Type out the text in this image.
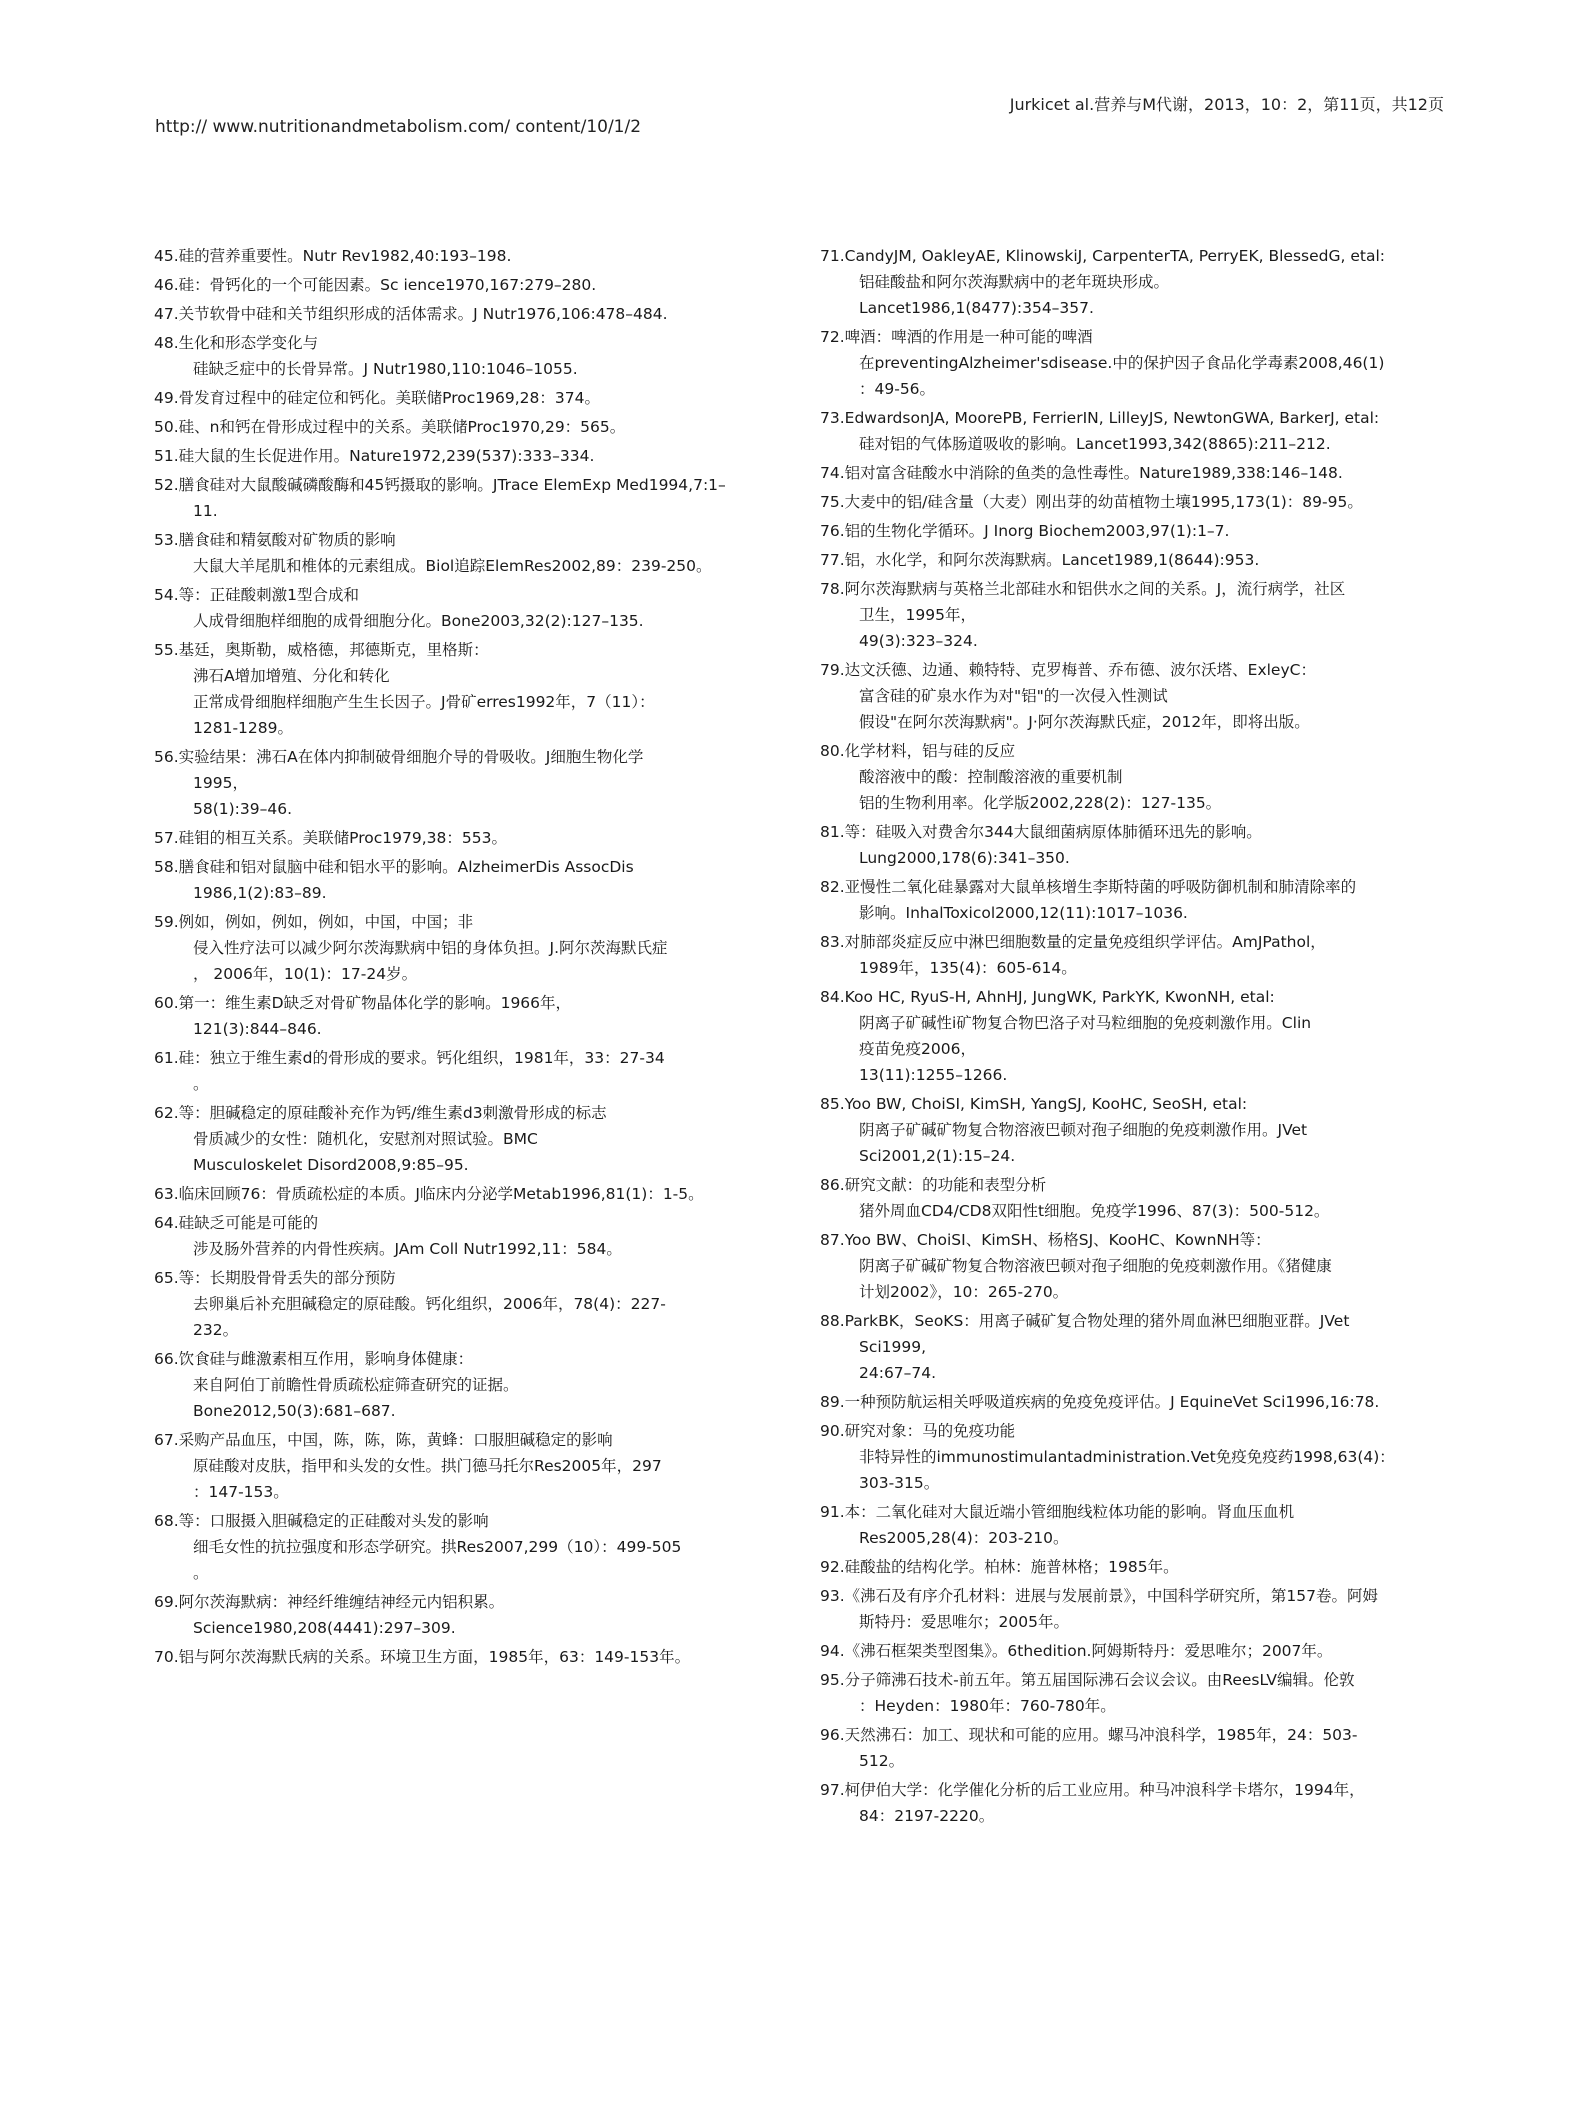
Jurkicet al.营养与M代谢，2013，10：2，第11页，共12页
http:// www.nutritionandmetabolism.com/ content/10/1/2
45.硅的营养重要性。Nutr Rev1982,40:193–198.
46.硅：骨钙化的一个可能因素。Sc ience1970,167:279–280.
47.关节软骨中硅和关节组织形成的活体需求。J Nutr1976,106:478–484.
48.生化和形态学变化与
硅缺乏症中的长骨异常。J Nutr1980,110:1046–1055.
49.骨发育过程中的硅定位和钙化。美联储Proc1969,28：374。
50.硅、n和钙在骨形成过程中的关系。美联储Proc1970,29：565。
51.硅大鼠的生长促进作用。Nature1972,239(537):333–334.
52.膳食硅对大鼠酸碱磷酸酶和45钙摄取的影响。JTrace ElemExp Med1994,7:1–
11.
53.膳食硅和精氨酸对矿物质的影响
大鼠大羊尾肌和椎体的元素组成。Biol追踪ElemRes2002,89：239-250。
54.等：正硅酸刺激1型合成和
人成骨细胞样细胞的成骨细胞分化。Bone2003,32(2):127–135.
55.基廷，奥斯勒，威格德，邦德斯克，里格斯：
沸石A增加增殖、分化和转化
正常成骨细胞样细胞产生生长因子。J骨矿erres1992年，7（11）：
1281-1289。
56.实验结果：沸石A在体内抑制破骨细胞介导的骨吸收。J细胞生物化学
1995，
58(1):39–46.
57.硅钼的相互关系。美联储Proc1979,38：553。
58.膳食硅和铝对鼠脑中硅和铝水平的影响。AlzheimerDis AssocDis
1986,1(2):83–89.
59.例如，例如，例如，例如，中国，中国；非
侵入性疗法可以减少阿尔茨海默病中铝的身体负担。J.阿尔茨海默氏症
， 2006年，10(1)：17-24岁。
60.第一：维生素D缺乏对骨矿物晶体化学的影响。1966年，
121(3):844–846.
61.硅：独立于维生素d的骨形成的要求。钙化组织，1981年，33：27-34
。
62.等：胆碱稳定的原硅酸补充作为钙/维生素d3刺激骨形成的标志
骨质减少的女性：随机化，安慰剂对照试验。BMC
Musculoskelet Disord2008,9:85–95.
63.临床回顾76：骨质疏松症的本质。J临床内分泌学Metab1996,81(1)：1-5。
64.硅缺乏可能是可能的
涉及肠外营养的内骨性疾病。JAm Coll Nutr1992,11：584。
65.等：长期股骨骨丢失的部分预防
去卵巢后补充胆碱稳定的原硅酸。钙化组织，2006年，78(4)：227-
232。
66.饮食硅与雌激素相互作用，影响身体健康：
来自阿伯丁前瞻性骨质疏松症筛查研究的证据。
Bone2012,50(3):681–687.
67.采购产品血压，中国，陈，陈，陈，黄蜂：口服胆碱稳定的影响
原硅酸对皮肤，指甲和头发的女性。拱门德马托尔Res2005年，297
：147-153。
68.等：口服摄入胆碱稳定的正硅酸对头发的影响
细毛女性的抗拉强度和形态学研究。拱Res2007,299（10）：499-505
。
69.阿尔茨海默病：神经纤维缠结神经元内铝积累。
Science1980,208(4441):297–309.
70.铝与阿尔茨海默氏病的关系。环境卫生方面，1985年，63：149-153年。
71.CandyJM, OakleyAE, KlinowskiJ, CarpenterTA, PerryEK, BlessedG, etal:
铝硅酸盐和阿尔茨海默病中的老年斑块形成。
Lancet1986,1(8477):354–357.
72.啤酒：啤酒的作用是一种可能的啤酒
在preventingAlzheimer'sdisease.中的保护因子食品化学毒素2008,46(1)
：49-56。
73.EdwardsonJA, MoorePB, FerrierIN, LilleyJS, NewtonGWA, BarkerJ, etal:
硅对铝的气体肠道吸收的影响。Lancet1993,342(8865):211–212.
74.铝对富含硅酸水中消除的鱼类的急性毒性。Nature1989,338:146–148.
75.大麦中的铝/硅含量（大麦）刚出芽的幼苗植物土壤1995,173(1)：89-95。
76.铝的生物化学循环。J Inorg Biochem2003,97(1):1–7.
77.铝，水化学，和阿尔茨海默病。Lancet1989,1(8644):953.
78.阿尔茨海默病与英格兰北部硅水和铝供水之间的关系。J，流行病学，社区
卫生，1995年，
49(3):323–324.
79.达文沃德、边通、赖特特、克罗梅普、乔布德、波尔沃塔、ExleyC：
富含硅的矿泉水作为对"铝"的一次侵入性测试
假设"在阿尔茨海默病"。J·阿尔茨海默氏症，2012年，即将出版。
80.化学材料，铝与硅的反应
酸溶液中的酸：控制酸溶液的重要机制
铝的生物利用率。化学版2002,228(2)：127-135。
81.等：硅吸入对费舍尔344大鼠细菌病原体肺循环迅先的影响。
Lung2000,178(6):341–350.
82.亚慢性二氧化硅暴露对大鼠单核增生李斯特菌的呼吸防御机制和肺清除率的
影响。InhalToxicol2000,12(11):1017–1036.
83.对肺部炎症反应中淋巴细胞数量的定量免疫组织学评估。AmJPathol，
1989年，135(4)：605-614。
84.Koo HC, RyuS-H, AhnHJ, JungWK, ParkYK, KwonNH, etal:
阴离子矿碱性i矿物复合物巴洛子对马粒细胞的免疫刺激作用。Clin
疫苗免疫2006，
13(11):1255–1266.
85.Yoo BW, ChoiSI, KimSH, YangSJ, KooHC, SeoSH, etal:
阴离子矿碱矿物复合物溶液巴顿对孢子细胞的免疫刺激作用。JVet
Sci2001,2(1):15–24.
86.研究文献：的功能和表型分析
猪外周血CD4/CD8双阳性t细胞。免疫学1996、87(3)：500-512。
87.Yoo BW、ChoiSI、KimSH、杨格SJ、KooHC、KownNH等：
阴离子矿碱矿物复合物溶液巴顿对孢子细胞的免疫刺激作用。《猪健康
计划2002》，10：265-270。
88.ParkBK，SeoKS：用离子碱矿复合物处理的猪外周血淋巴细胞亚群。JVet
Sci1999,
24:67–74.
89.一种预防航运相关呼吸道疾病的免疫免疫评估。J EquineVet Sci1996,16:78.
90.研究对象：马的免疫功能
非特异性的immunostimulantadministration.Vet免疫免疫药1998,63(4)：
303-315。
91.本：二氧化硅对大鼠近端小管细胞线粒体功能的影响。肾血压血机
Res2005,28(4)：203-210。
92.硅酸盐的结构化学。柏林：施普林格；1985年。
93.《沸石及有序介孔材料：进展与发展前景》，中国科学研究所，第157卷。阿姆
斯特丹：爱思唯尔；2005年。
94.《沸石框架类型图集》。6thedition.阿姆斯特丹：爱思唯尔；2007年。
95.分子筛沸石技术-前五年。第五届国际沸石会议会议。由ReesLV编辑。伦敦
：Heyden：1980年：760-780年。
96.天然沸石：加工、现状和可能的应用。螺马冲浪科学，1985年，24：503-
512。
97.柯伊伯大学：化学催化分析的后工业应用。种马冲浪科学卡塔尔，1994年，
84：2197-2220。
